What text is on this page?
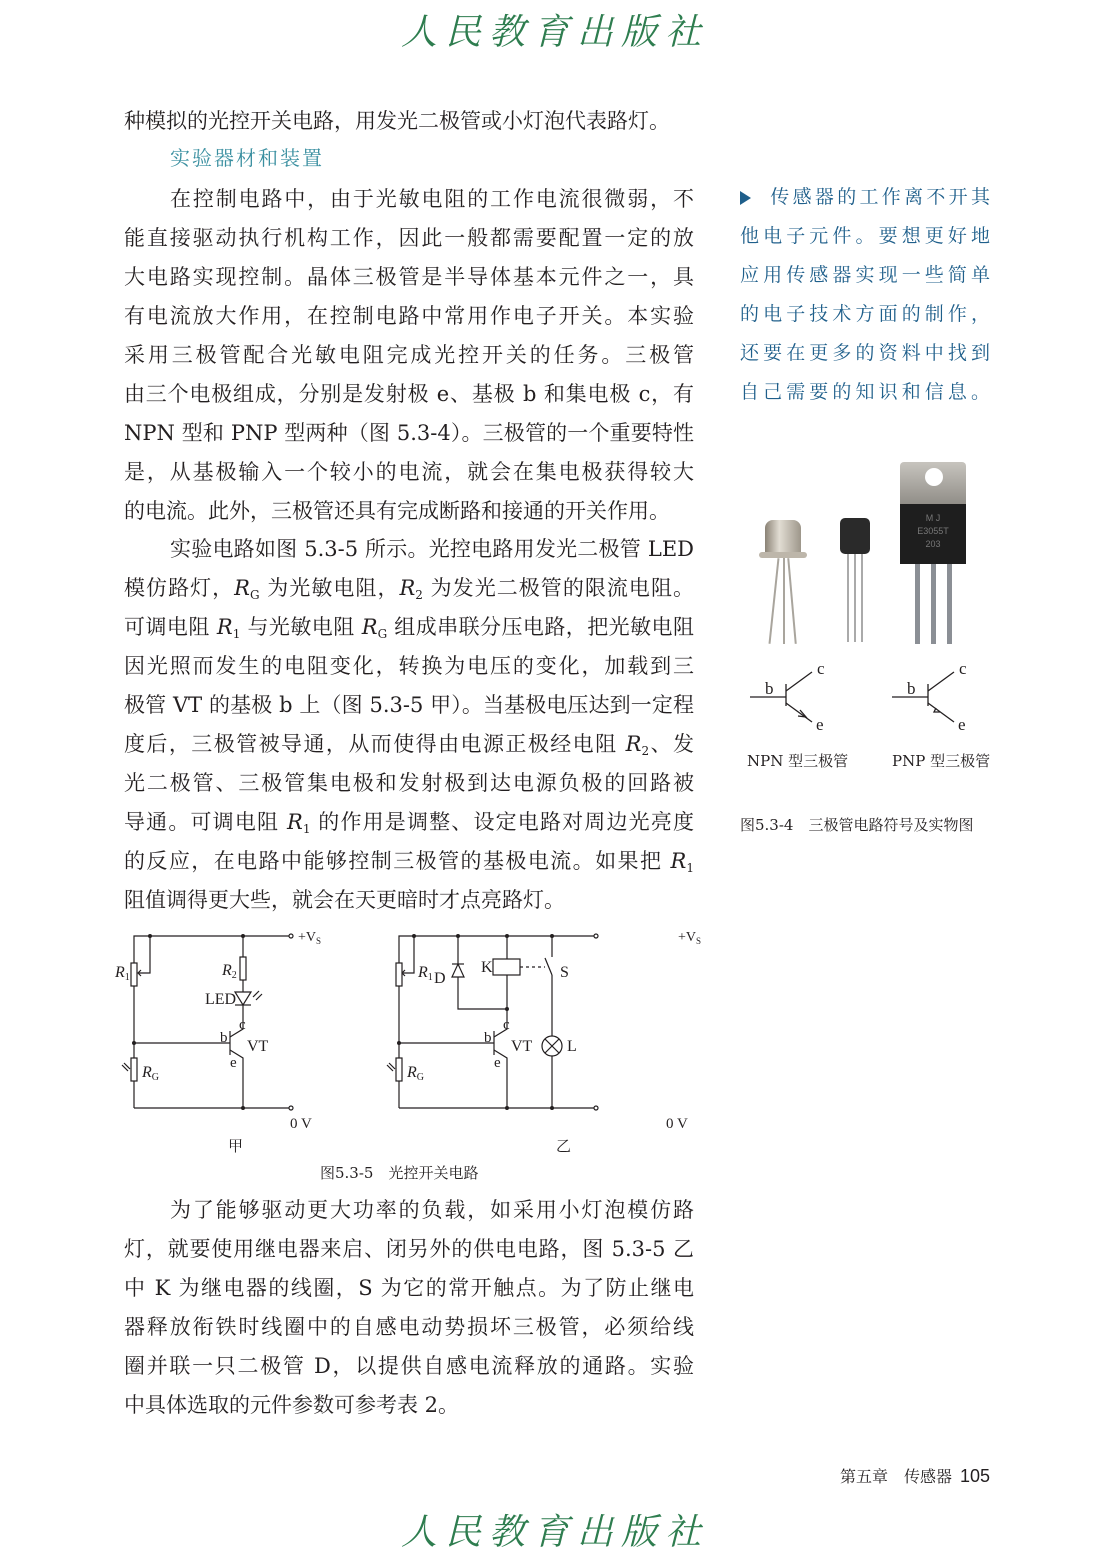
人民教育出版社
种模拟的光控开关电路，用发光二极管或小灯泡代表路灯。
在控制电路中，由于光敏电阻的工作电流很微弱，不
能直接驱动执行机构工作，因此一般都需要配置一定的放
大电路实现控制。晶体三极管是半导体基本元件之一，具
有电流放大作用，在控制电路中常用作电子开关。本实验
采用三极管配合光敏电阻完成光控开关的任务。三极管
由三个电极组成，分别是发射极 e、基极 b 和集电极 c，有
NPN 型和 PNP 型两种（图 5.3-4）。三极管的一个重要特性
是，从基极输入一个较小的电流，就会在集电极获得较大
的电流。此外，三极管还具有完成断路和接通的开关作用。
实验电路如图 5.3-5 所示。光控电路用发光二极管 LED
模仿路灯，$R_G$ 为光敏电阻，$R_2$ 为发光二极管的限流电阻。
可调电阻 $R_1$ 与光敏电阻 $R_G$ 组成串联分压电路，把光敏电阻
因光照而发生的电阻变化，转换为电压的变化，加载到三
极管 VT 的基极 b 上（图 5.3-5 甲）。当基极电压达到一定程
度后，三极管被导通，从而使得由电源正极经电阻 $R_2$、发
光二极管、三极管集电极和发射极到达电源负极的回路被
导通。可调电阻 $R_1$ 的作用是调整、设定电路对周边光亮度
的反应，在电路中能够控制三极管的基极电流。如果把 $R_1$
阻值调得更大些，就会在天更暗时才点亮路灯。
为了能够驱动更大功率的负载，如采用小灯泡模仿路
灯，就要使用继电器来启、闭另外的供电电路，图 5.3-5 乙
中 K 为继电器的线圈，S 为它的常开触点。为了防止继电
器释放衔铁时线圈中的自感电动势损坏三极管，必须给线
圈并联一只二极管 D，以提供自感电流释放的通路。实验
中具体选取的元件参数可参考表 2。
实验器材和装置
传感器的工作离不开其
他电子元件。要想更好地
应用传感器实现一些简单
的电子技术方面的制作，
还要在更多的资料中找到
自己需要的知识和信息。
M J
E3055T
203
c
b
e
c
b
e
NPN 型三极管	PNP 型三极管
图5.3-4　三极管电路符号及实物图
R1	R2
LED
c
b VT
e
RG
$+V_S$
0 V
甲
R1
K
D	S
c
b VT
e
L
RG
$+V_S$
0 V
乙
图5.3-5　光控开关电路
第五章　传感器 105
人民教育出版社
